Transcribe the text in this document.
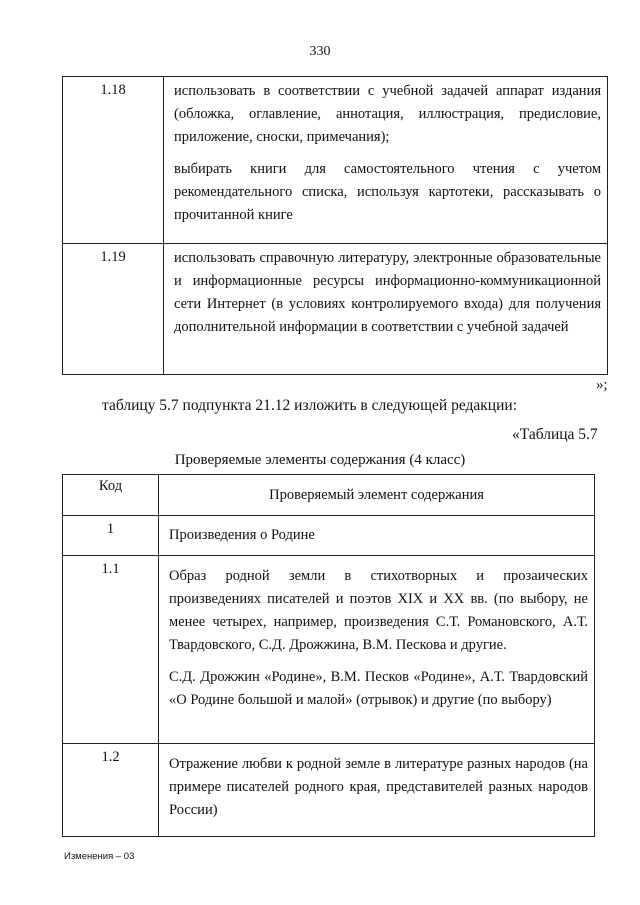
330
1.18	использовать в соответствии с учебной задачей аппарат издания (обложка, оглавление, аннотация, иллюстрация, предисловие, приложение, сноски, примечания);

выбирать книги для самостоятельного чтения с учетом рекомендательного списка, используя картотеки, рассказывать о прочитанной книге

1.19	использовать справочную литературу, электронные образовательные и информационные ресурсы информационно-коммуникационной сети Интернет (в условиях контролируемого входа) для получения дополнительной информации в соответствии с учебной задачей

»;
таблицу 5.7 подпункта 21.12 изложить в следующей редакции:
«Таблица 5.7
Проверяемые элементы содержания (4 класс)
Код	Проверяемый элемент содержания
1	Произведения о Родине

1.1	Образ родной земли в стихотворных и прозаических произведениях писателей и поэтов XIX и XX вв. (по выбору, не менее четырех, например, произведения С.Т. Романовского, А.Т. Твардовского, С.Д. Дрожжина, В.М. Пескова и другие.

С.Д. Дрожжин «Родине», В.М. Песков «Родине», А.Т. Твардовский «О Родине большой и малой» (отрывок) и другие (по выбору)

1.2	Отражение любви к родной земле в литературе разных народов (на примере писателей родного края, представителей разных народов России)

Изменения – 03
